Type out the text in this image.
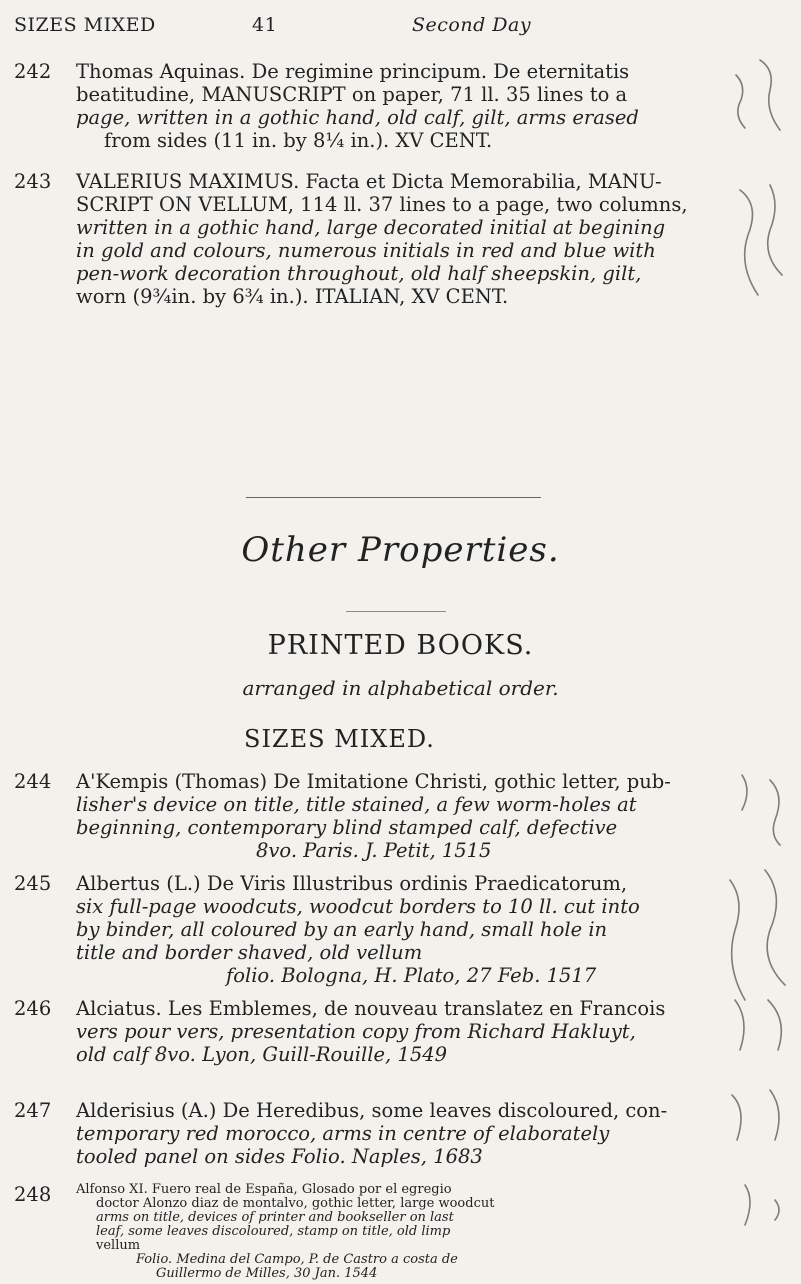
SIZES MIXED	41	Second Day
242	Thomas Aquinas. De regimine principum. De eternitatis
beatitudine, MANUSCRIPT on paper, 71 ll. 35 lines to a
page, written in a gothic hand, old calf, gilt, arms erased
from sides (11 in. by 8¼ in.). XV CENT.
243	VALERIUS MAXIMUS. Facta et Dicta Memorabilia, MANU-
SCRIPT ON VELLUM, 114 ll. 37 lines to a page, two columns,
written in a gothic hand, large decorated initial at begining
in gold and colours, numerous initials in red and blue with
pen-work decoration throughout, old half sheepskin, gilt,
worn (9¾in. by 6¾ in.). ITALIAN, XV CENT.
Other Properties.
PRINTED BOOKS.
arranged in alphabetical order.
SIZES MIXED.
244	A'Kempis (Thomas) De Imitatione Christi, gothic letter, pub-
lisher's device on title, title stained, a few worm-holes at
beginning, contemporary blind stamped calf, defective
8vo. Paris. J. Petit, 1515
245	Albertus (L.) De Viris Illustribus ordinis Praedicatorum,
six full-page woodcuts, woodcut borders to 10 ll. cut into
by binder, all coloured by an early hand, small hole in
title and border shaved, old vellum
folio. Bologna, H. Plato, 27 Feb. 1517
246	Alciatus. Les Emblemes, de nouveau translatez en Francois
vers pour vers, presentation copy from Richard Hakluyt,
old calf 8vo. Lyon, Guill-Rouille, 1549
247	Alderisius (A.) De Heredibus, some leaves discoloured, con-
temporary red morocco, arms in centre of elaborately
tooled panel on sides Folio. Naples, 1683
248	Alfonso XI. Fuero real de España, Glosado por el egregio
doctor Alonzo diaz de montalvo, gothic letter, large woodcut
arms on title, devices of printer and bookseller on last
leaf, some leaves discoloured, stamp on title, old limp
vellum
Folio. Medina del Campo, P. de Castro a costa de
Guillermo de Milles, 30 Jan. 1544
